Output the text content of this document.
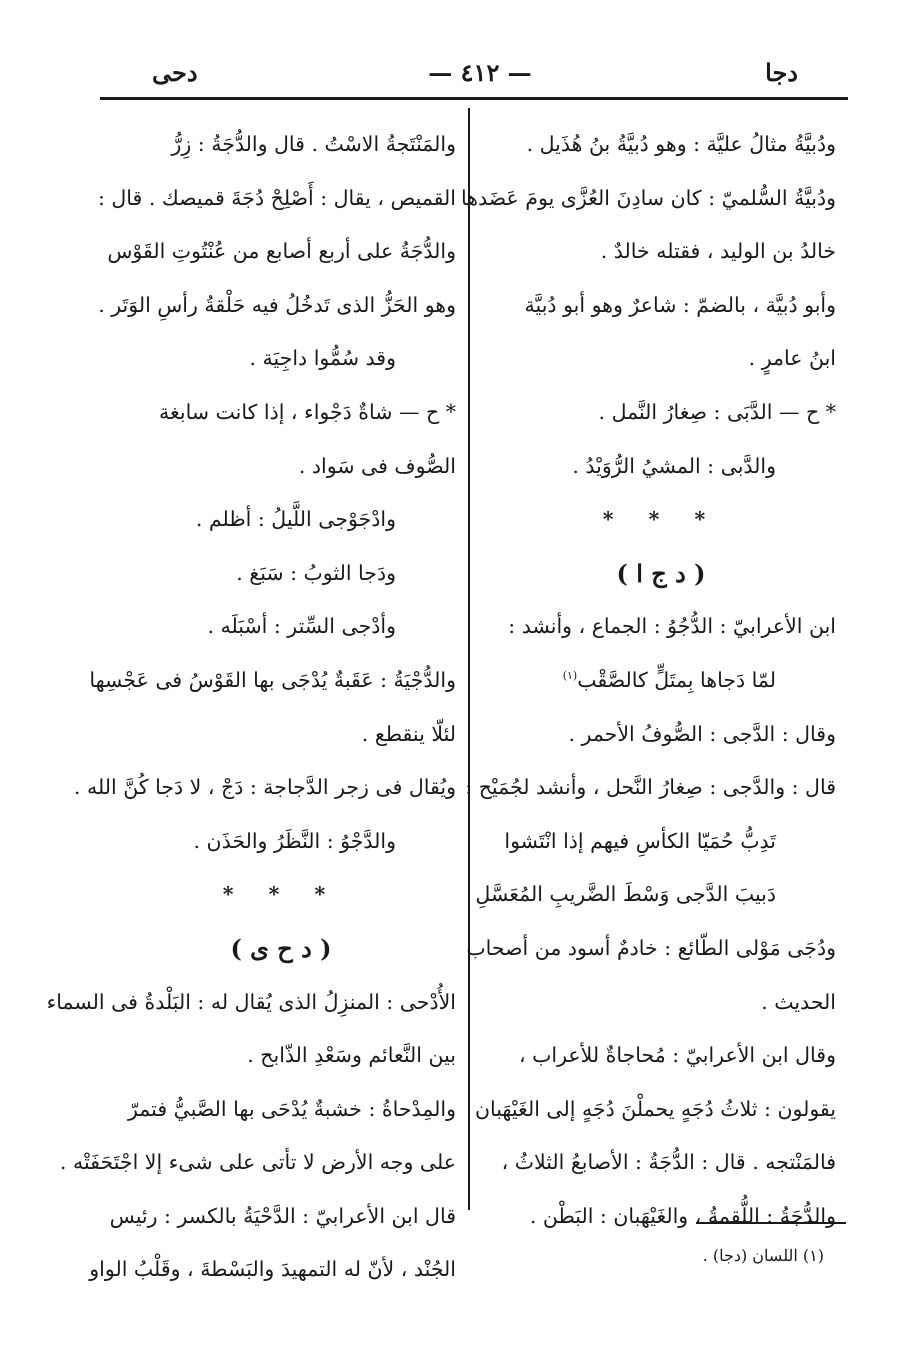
دحى	— ٤١٢ —	دجا
ودُبيَّةُ مثالُ عليَّة : وهو دُبيَّةُ بنُ هُذَيل .
ودُبيَّةُ السُّلميّ : كان سادِنَ العُزَّى يومَ عَضَدها
خالدُ بن الوليد ، فقتله خالدٌ .
وأبو دُبيَّة ، بالضمّ : شاعرٌ وهو أبو دُبيَّة
ابنُ عامرٍ .
* ح — الدَّبَى : صِغارُ النَّمل .
والدَّبى : المشيُ الرُّوَيْدُ .
* * *
( د ج ا )
ابن الأعرابيّ : الدُّجُوُ : الجماع ، وأنشد :
لمّا دَجاها بِمتَلٍّ كالصَّقْب$^{(١)}$
وقال : الدَّجى : الصُّوفُ الأحمر .
قال : والدَّجى : صِغارُ النَّحل ، وأنشد لجُمَيْح :
تَدِبُّ حُمَيّا الكأسِ فيهم إذا انْتَشوا
دَبيبَ الدَّجى وَسْطَ الضَّريبِ المُعَسَّلِ
ودُجَى مَوْلى الطّائع : خادمٌ أسود من أصحاب
الحديث .
وقال ابن الأعرابيّ : مُحاجاةٌ للأعراب ،
يقولون : ثلاثُ دُجَهٍ يحملْنَ دُجَهٍ إلى الغَيْهَبان
فالمَنْتجه . قال : الدُّجَةُ : الأصابعُ الثلاثُ ،
والدُّجَةُ : اللُّقمةُ ، والغَيْهَبان : البَطْن .
والمَنْتَجةُ الاسْتُ . قال والدُّجَةُ : زِرُّ
القميص ، يقال : أَصْلِحْ دُجَةَ قميصك . قال :
والدُّجَةُ على أربع أصابع من عُنْتُوتِ القَوْس
وهو الحَزُّ الذى تَدخُلُ فيه حَلْقةُ رأسِ الوَتَر .
وقد سُمُّوا داجِيَة .
* ح — شاةٌ دَجْواء ، إذا كانت سابغة
الصُّوف فى سَواد .
وادْجَوْجى اللَّيلُ : أظلم .
ودَجا الثوبُ : سَبَغ .
وأدْجى السِّتر : أسْبَلَه .
والدُّجْيَةُ : عَقَبةٌ يُدْجَى بها القَوْسُ فى عَجْسِها
لئلّا ينقطع .
ويُقال فى زجر الدَّجاجة : دَجْ ، لا دَجا كُنَّ الله .
والدَّجْوُ : النَّظَرُ والحَذَن .
* * *
( د ح ى )
الأُدْحى : المنزِلُ الذى يُقال له : البَلْدةُ فى السماء
بين النَّعائم وسَعْدِ الذّابح .
والمِدْحاةُ : خشبةٌ يُدْحَى بها الصَّبيُّ فتمرّ
على وجه الأرض لا تأتى على شىء إلا اجْتَحَفَتْه .
قال ابن الأعرابيّ : الدَّحْيَةُ بالكسر : رئيس
الجُنْد ، لأنّ له التمهيدَ والبَسْطةَ ، وقَلْبُ الواو
(١) اللسان (دجا) .
